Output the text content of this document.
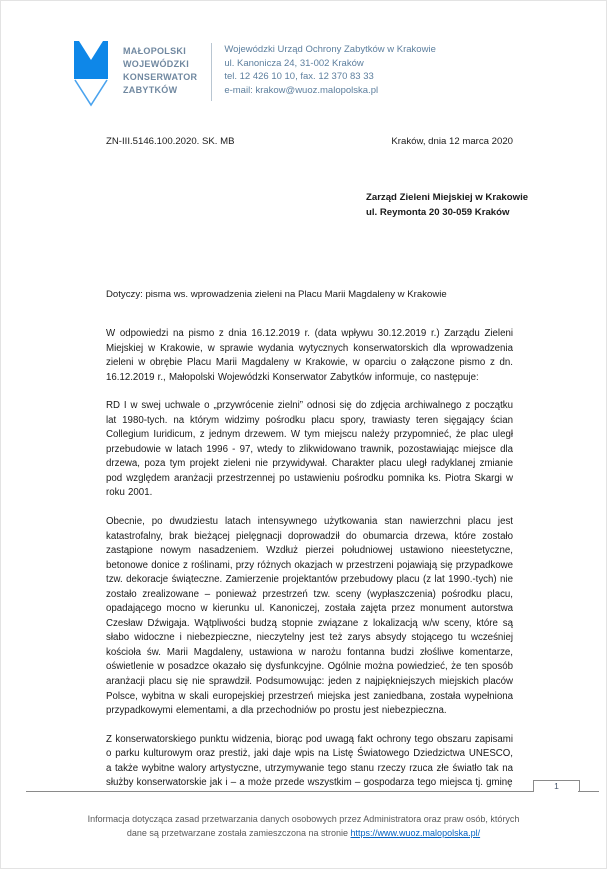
MAŁOPOLSKI
WOJEWÓDZKI
KONSERWATOR
ZABYTKÓW
Wojewódzki Urząd Ochrony Zabytków w Krakowie
ul. Kanonicza 24, 31-002 Kraków
tel. 12 426 10 10, fax. 12 370 83 33
e-mail: krakow@wuoz.malopolska.pl
ZN-III.5146.100.2020. SK. MB	Kraków, dnia 12 marca 2020
Zarząd Zieleni Miejskiej w Krakowie
ul. Reymonta 20 30-059 Kraków
Dotyczy: pisma ws. wprowadzenia zieleni na Placu Marii Magdaleny w Krakowie

W odpowiedzi na pismo z dnia 16.12.2019 r. (data wpływu 30.12.2019 r.) Zarządu Zieleni Miejskiej w Krakowie, w sprawie wydania wytycznych konserwatorskich dla wprowadzenia zieleni w obrębie Placu Marii Magdaleny w Krakowie, w oparciu o załączone pismo z dn. 16.12.2019 r., Małopolski Wojewódzki Konserwator Zabytków informuje, co następuje:

RD I w swej uchwale o „przywrócenie zielni” odnosi się do zdjęcia archiwalnego z początku lat 1980-tych. na którym widzimy pośrodku placu spory, trawiasty teren sięgający ścian Collegium Iuridicum, z jednym drzewem. W tym miejscu należy przypomnieć, że plac uległ przebudowie w latach 1996 - 97, wtedy to zlikwidowano trawnik, pozostawiając miejsce dla drzewa, poza tym projekt zieleni nie przywidywał. Charakter placu uległ radyklanej zmianie pod względem aranżacji przestrzennej po ustawieniu pośrodku pomnika ks. Piotra Skargi w roku 2001.

Obecnie, po dwudziestu latach intensywnego użytkowania stan nawierzchni placu jest katastrofalny, brak bieżącej pielęgnacji doprowadził do obumarcia drzewa, które zostało zastąpione nowym nasadzeniem. Wzdłuż pierzei południowej ustawiono nieestetyczne, betonowe donice z roślinami, przy różnych okazjach w przestrzeni pojawiają się przypadkowe tzw. dekoracje świąteczne. Zamierzenie projektantów przebudowy placu (z lat 1990.-tych) nie zostało zrealizowane – ponieważ przestrzeń tzw. sceny (wypłaszczenia) pośrodku placu, opadającego mocno w kierunku ul. Kanoniczej, została zajęta przez monument autorstwa Czesław Dźwigaja. Wątpliwości budzą stopnie związane z lokalizacją w/w sceny, które są słabo widoczne i niebezpieczne, nieczytelny jest też zarys absydy stojącego tu wcześniej kościoła św. Marii Magdaleny, ustawiona w narożu fontanna budzi złośliwe komentarze, oświetlenie w posadzce okazało się dysfunkcyjne. Ogólnie można powiedzieć, że ten sposób aranżacji placu się nie sprawdził. Podsumowując: jeden z najpiękniejszych miejskich placów Polsce, wybitna w skali europejskiej przestrzeń miejska jest zaniedbana, została wypełniona przypadkowymi elementami, a dla przechodniów po prostu jest niebezpieczna.

Z konserwatorskiego punktu widzenia, biorąc pod uwagą fakt ochrony tego obszaru zapisami o parku kulturowym oraz prestiż, jaki daje wpis na Listę Światowego Dziedzictwa UNESCO, a także wybitne walory artystyczne, utrzymywanie tego stanu rzeczy rzuca złe światło tak na służby konserwatorskie jak i – a może przede wszystkim – gospodarza tego miejsca tj. gminę	1
Informacja dotycząca zasad przetwarzania danych osobowych przez Administratora oraz praw osób, których
dane są przetwarzane została zamieszczona na stronie https://www.wuoz.malopolska.pl/
